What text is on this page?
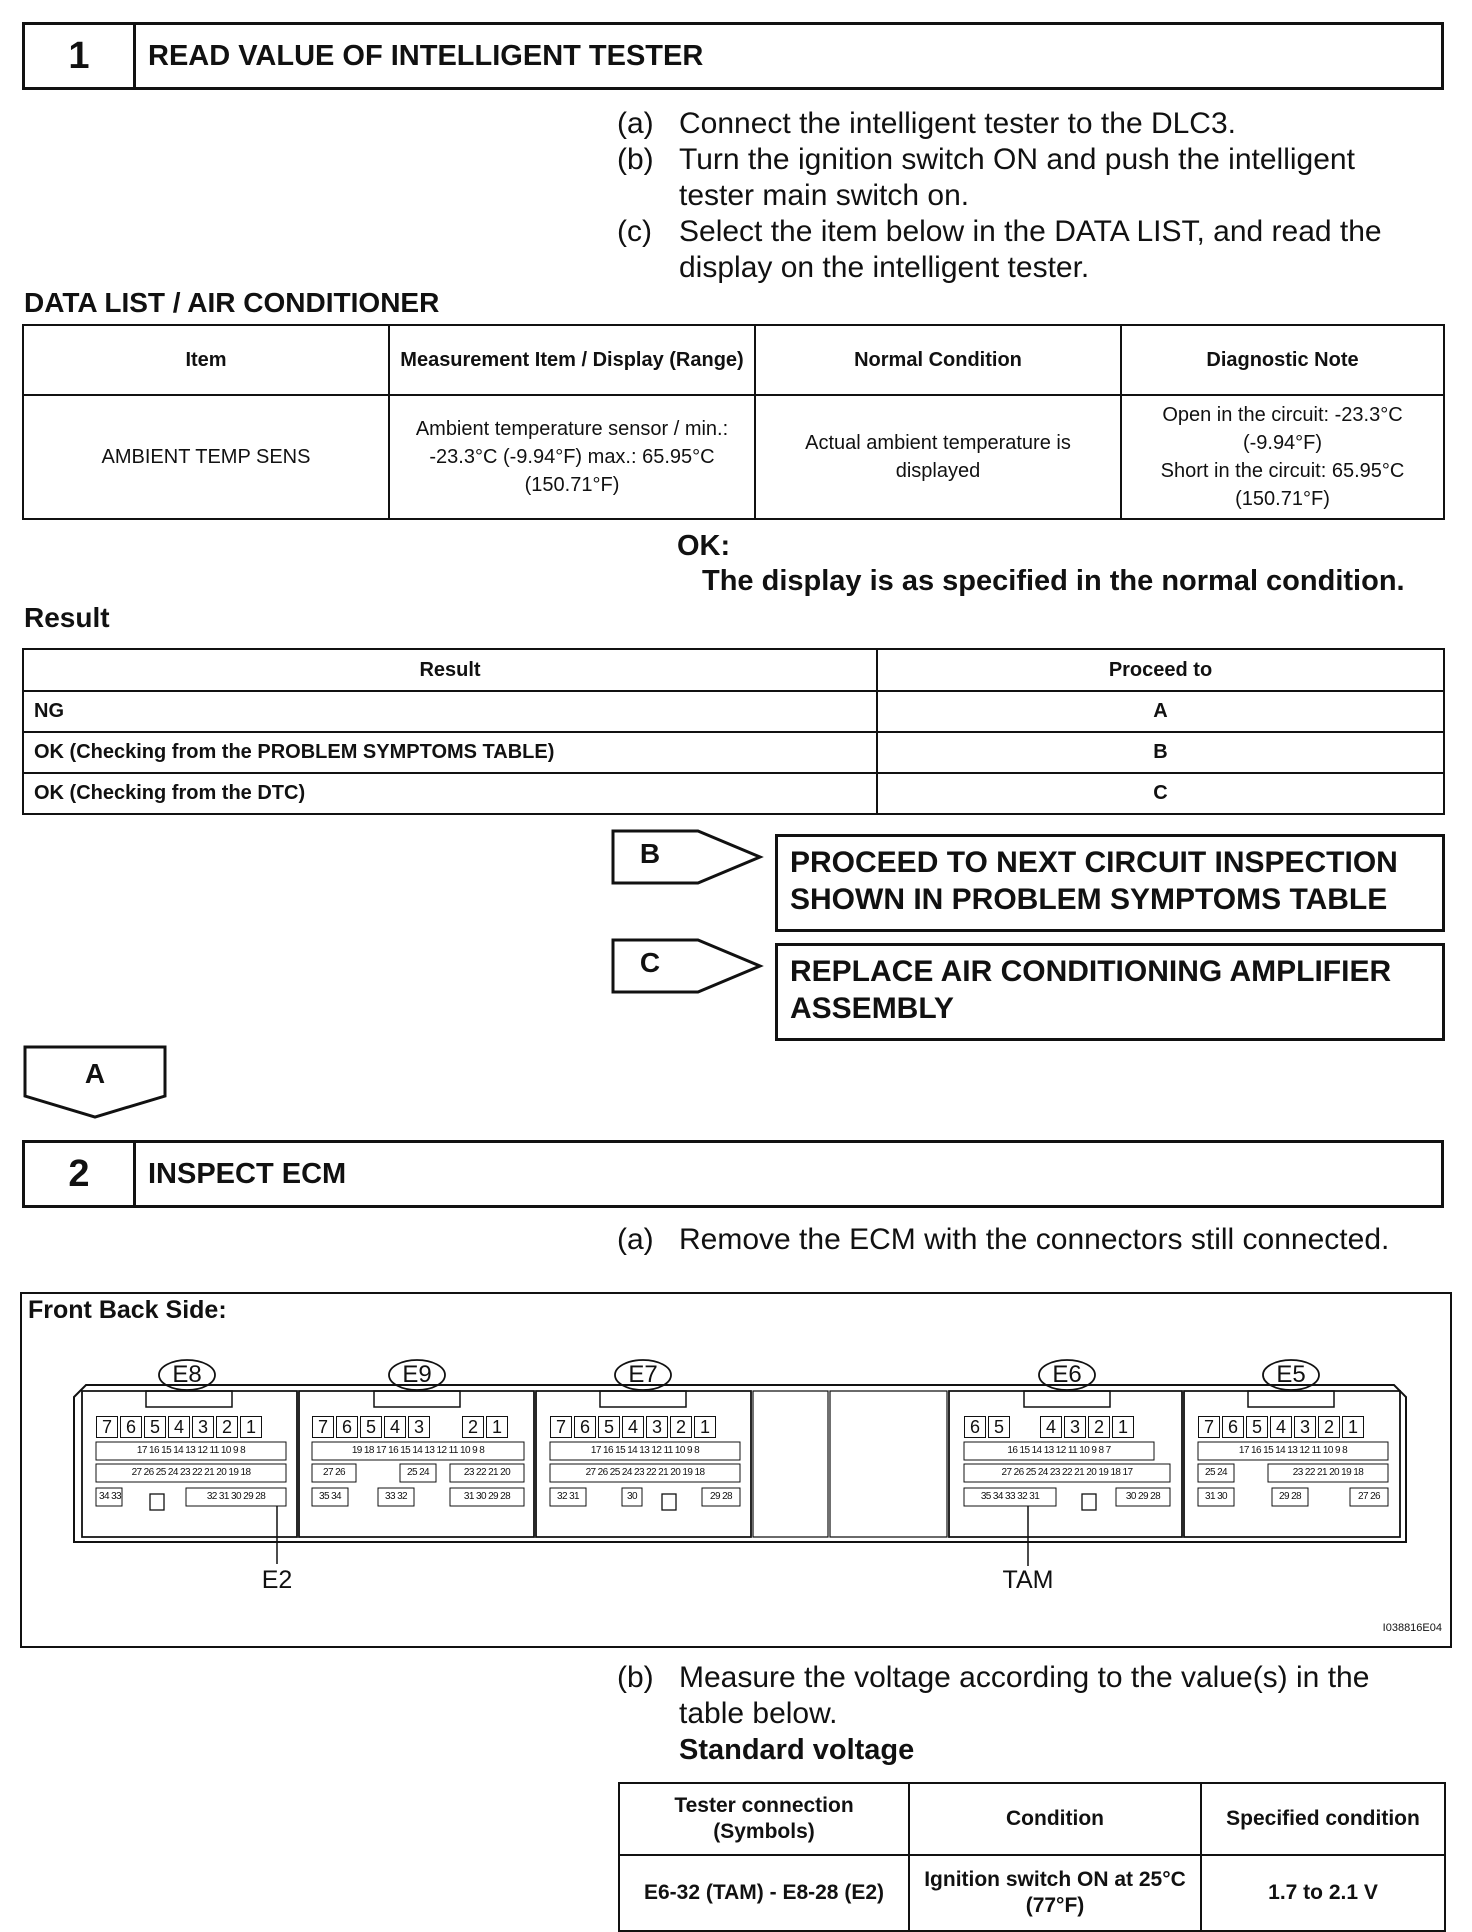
1	READ VALUE OF INTELLIGENT TESTER
(a) Connect the intelligent tester to the DLC3.
(b) Turn the ignition switch ON and push the intelligent tester main switch on.
(c) Select the item below in the DATA LIST, and read the display on the intelligent tester.
DATA LIST / AIR CONDITIONER
Item	Measurement Item / Display (Range)	Normal Condition	Diagnostic Note
AMBIENT TEMP SENS	Ambient temperature sensor / min.: -23.3°C (-9.94°F) max.: 65.95°C (150.71°F)	Actual ambient temperature is displayed	Open in the circuit: -23.3°C (-9.94°F)
Short in the circuit: 65.95°C (150.71°F)
OK:
The display is as specified in the normal condition.
Result
Result	Proceed to
NG	A
OK (Checking from the PROBLEM SYMPTOMS TABLE)	B
OK (Checking from the DTC)	C
B	PROCEED TO NEXT CIRCUIT INSPECTION
SHOWN IN PROBLEM SYMPTOMS TABLE
C	REPLACE AIR CONDITIONING AMPLIFIER
ASSEMBLY
A
2	INSPECT ECM
(a) Remove the ECM with the connectors still connected.
Front Back Side:
I038816E04
E8	E9	E7	E6	E5
7 6 5 4 3 2 1	7 6 5 4 3	2 1	7 6 5 4 3 2 1	6 5	4 3 2 1	7 6 5 4 3 2 1
17 16 15 14 13 12 11 10 9 8
27 26 25 24 23 22 21 20 19 18
34 33	32 31 30 29 28
19 18 17 16 15 14 13 12 11 10 9 8
27 26	25 24	23 22 21 20
35 34	33 32	31 30 29 28
17 16 15 14 13 12 11 10 9 8
27 26 25 24 23 22 21 20 19 18
32 31	30	29 28
16 15 14 13 12 11 10 9 8 7
27 26 25 24 23 22 21 20 19 18 17
35 34 33 32 31	30 29 28
17 16 15 14 13 12 11 10 9 8
25 24	23 22 21 20 19 18
31 30	29 28	27 26
E2	TAM
(b) Measure the voltage according to the value(s) in the table below.
Standard voltage
Tester connection (Symbols)	Condition	Specified condition
E6-32 (TAM) - E8-28 (E2)	Ignition switch ON at 25°C (77°F)	1.7 to 2.1 V
